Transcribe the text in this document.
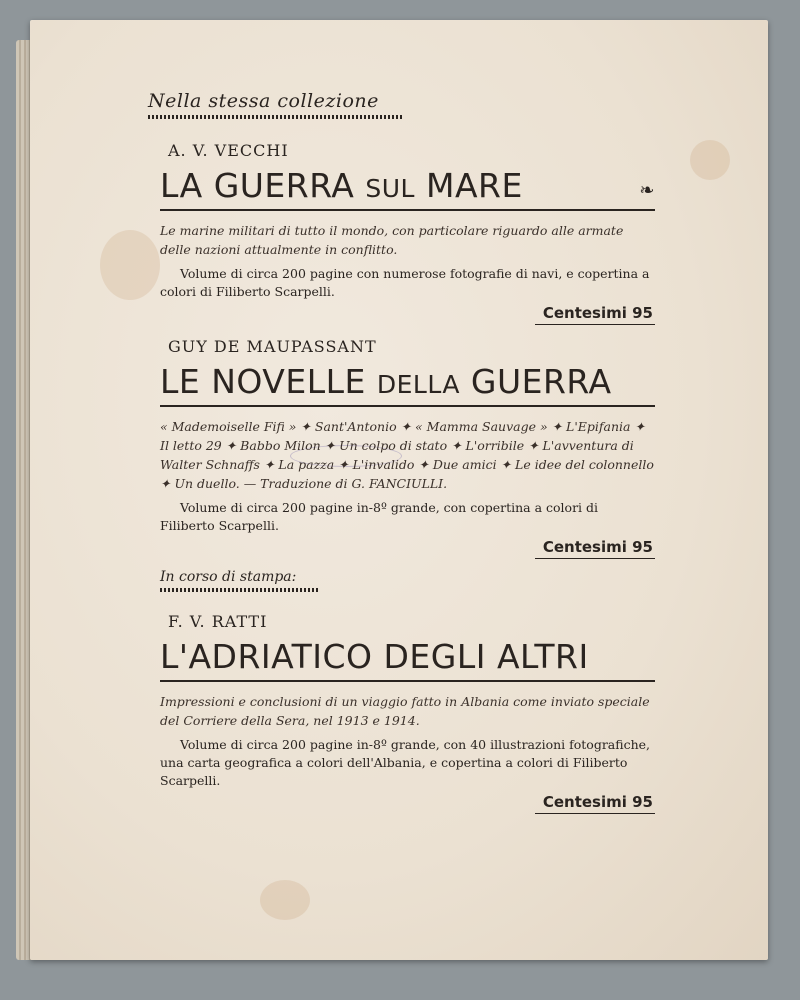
Nella stessa collezione
A. V. VECCHI
LA GUERRA SUL MARE	❧
Le marine militari di tutto il mondo, con particolare riguardo alle armate delle nazioni attualmente in conflitto.
Volume di circa 200 pagine con numerose fotografie di navi, e copertina a colori di Filiberto Scarpelli.
Centesimi 95
GUY DE MAUPASSANT
LE NOVELLE DELLA GUERRA
« Mademoiselle Fifi » ✦ Sant'Antonio ✦ « Mamma Sauvage » ✦ L'Epifania ✦ Il letto 29 ✦ Babbo Milon ✦ Un colpo di stato ✦ L'orribile ✦ L'avventura di Walter Schnaffs ✦ La pazza ✦ L'invalido ✦ Due amici ✦ Le idee del colonnello ✦ Un duello. — Traduzione di G. FANCIULLI.
Volume di circa 200 pagine in-8º grande, con copertina a colori di Filiberto Scarpelli.
Centesimi 95
In corso di stampa:
F. V. RATTI
L'ADRIATICO DEGLI ALTRI
Impressioni e conclusioni di un viaggio fatto in Albania come inviato speciale del Corriere della Sera, nel 1913 e 1914.
Volume di circa 200 pagine in-8º grande, con 40 illustrazioni fotografiche, una carta geografica a colori dell'Albania, e copertina a colori di Filiberto Scarpelli.
Centesimi 95
